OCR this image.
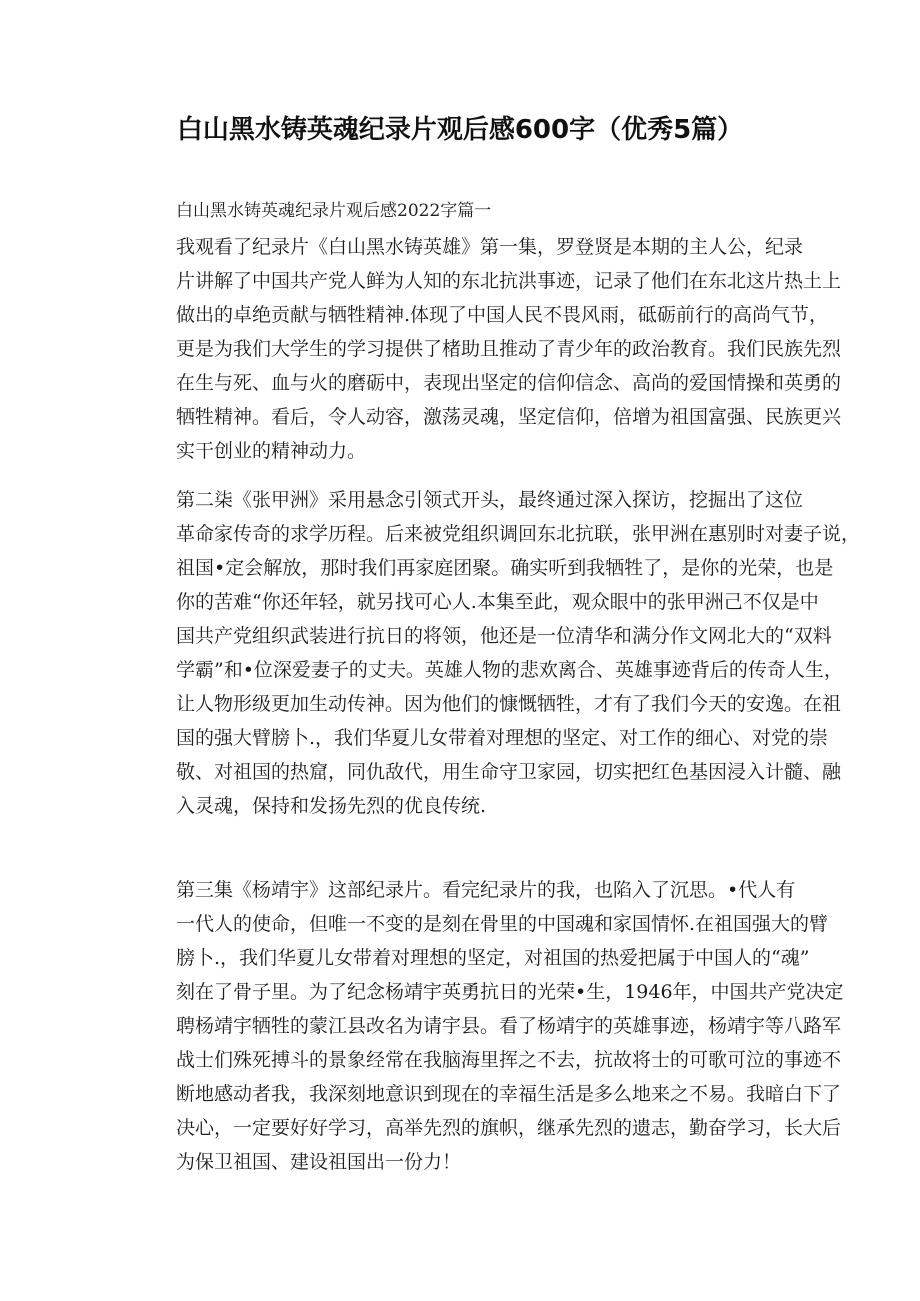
白山黑水铸英魂纪录片观后感600字（优秀5篇）

白山黑水铸英魂纪录片观后感2022字篇一

我观看了纪录片《白山黑水铸英雄》第一集，罗登贤是本期的主人公，纪录
片讲解了中国共产党人鲜为人知的东北抗洪事迹，记录了他们在东北这片热土上
做出的卓绝贡献与牺牲精神.体现了中国人民不畏风雨，砥砺前行的高尚气节，
更是为我们大学生的学习提供了楮助且推动了青少年的政治教育。我们民族先烈
在生与死、血与火的磨砺中，表现出坚定的信仰信念、高尚的爱国情操和英勇的
牺牲精神。看后，令人动容，激荡灵魂，坚定信仰，倍增为祖国富强、民族更兴
实干创业的精神动力。
第二柒《张甲洲》采用悬念引领式开头，最终通过深入探访，挖掘出了这位
革命家传奇的求学历程。后来被党组织调回东北抗联，张甲洲在惠别时对妻子说，
祖国•定会解放，那时我们再家庭团聚。确实听到我牺牲了，是你的光荣，也是
你的苦难“你还年轻，就另找可心人.本集至此，观众眼中的张甲洲己不仅是中
国共产党组织武装进行抗日的将领，他还是一位清华和满分作文网北大的“双料
学霸”和•位深爱妻子的丈夫。英雄人物的悲欢离合、英雄事迹背后的传奇人生，
让人物形级更加生动传神。因为他们的慷慨牺牲，才有了我们今天的安逸。在祖
国的强大臂膀卜.，我们华夏儿女带着对理想的坚定、对工作的细心、对党的崇
敬、对祖国的热窟，同仇敌代，用生命守卫家园，切实把红色基因浸入计髓、融
入灵魂，保持和发扬先烈的优良传统.
第三集《杨靖宇》这部纪录片。看完纪录片的我，也陷入了沉思。•代人有
一代人的使命，但唯一不变的是刻在骨里的中国魂和家国情怀.在祖国强大的臂
膀卜.，我们华夏儿女带着对理想的坚定，对祖国的热爱把属于中国人的“魂”
刻在了骨子里。为了纪念杨靖宇英勇抗日的光荣•生，1946年，中国共产党决定
聘杨靖宇牺牲的蒙江县改名为请宇县。看了杨靖宇的英雄事迹，杨靖宇等八路军
战士们殊死搏斗的景象经常在我脑海里挥之不去，抗故将士的可歌可泣的事迹不
断地感动者我，我深刻地意识到现在的幸福生活是多么地来之不易。我暗白下了
决心，一定要好好学习，高举先烈的旗帜，继承先烈的遗志，勤奋学习，长大后
为保卫祖国、建设祖国出一份力！
